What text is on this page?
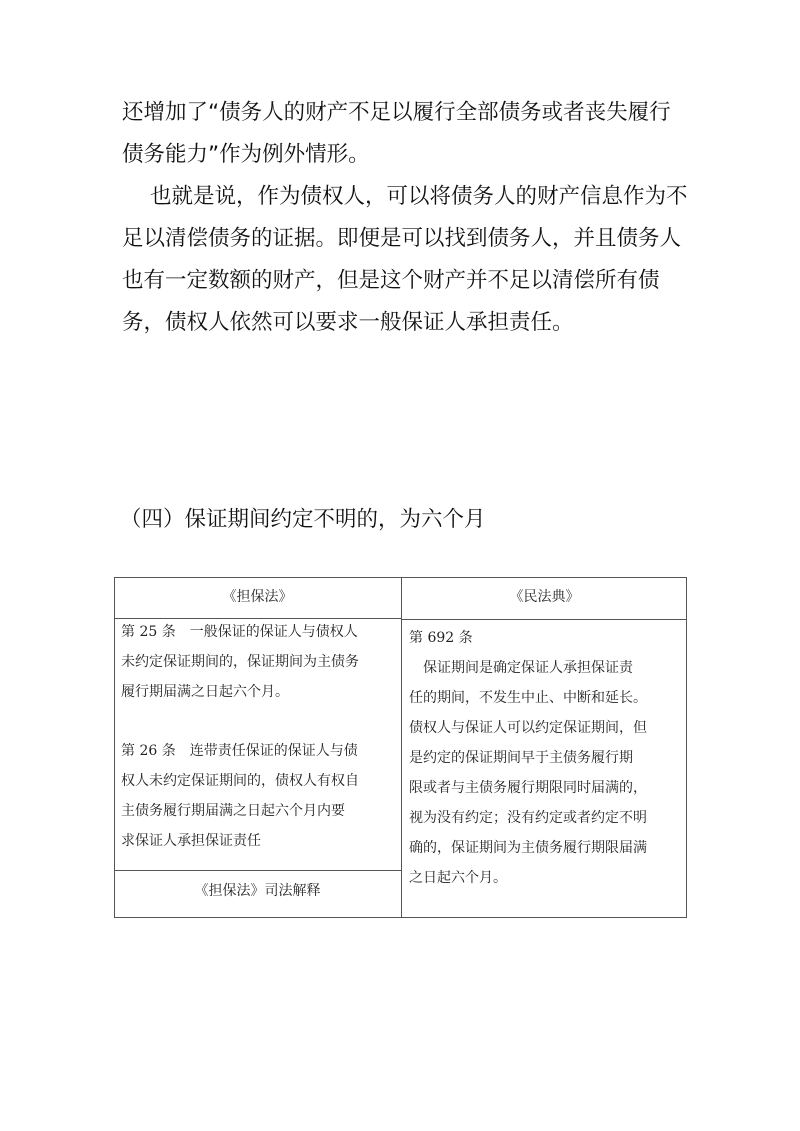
还增加了“债务人的财产不足以履行全部债务或者丧失履行
债务能力”作为例外情形。
也就是说，作为债权人，可以将债务人的财产信息作为不
足以清偿债务的证据。即便是可以找到债务人，并且债务人
也有一定数额的财产，但是这个财产并不足以清偿所有债
务，债权人依然可以要求一般保证人承担责任。
（四）保证期间约定不明的，为六个月
《担保法》	《民法典》
第 25 条　一般保证的保证人与债权人
未约定保证期间的，保证期间为主债务
履行期届满之日起六个月。
第 26 条　连带责任保证的保证人与债
权人未约定保证期间的，债权人有权自
主债务履行期届满之日起六个月内要
求保证人承担保证责任
《担保法》司法解释
第 692 条
　保证期间是确定保证人承担保证责
任的期间，不发生中止、中断和延长。
债权人与保证人可以约定保证期间，但
是约定的保证期间早于主债务履行期
限或者与主债务履行期限同时届满的，
视为没有约定；没有约定或者约定不明
确的，保证期间为主债务履行期限届满
之日起六个月。
